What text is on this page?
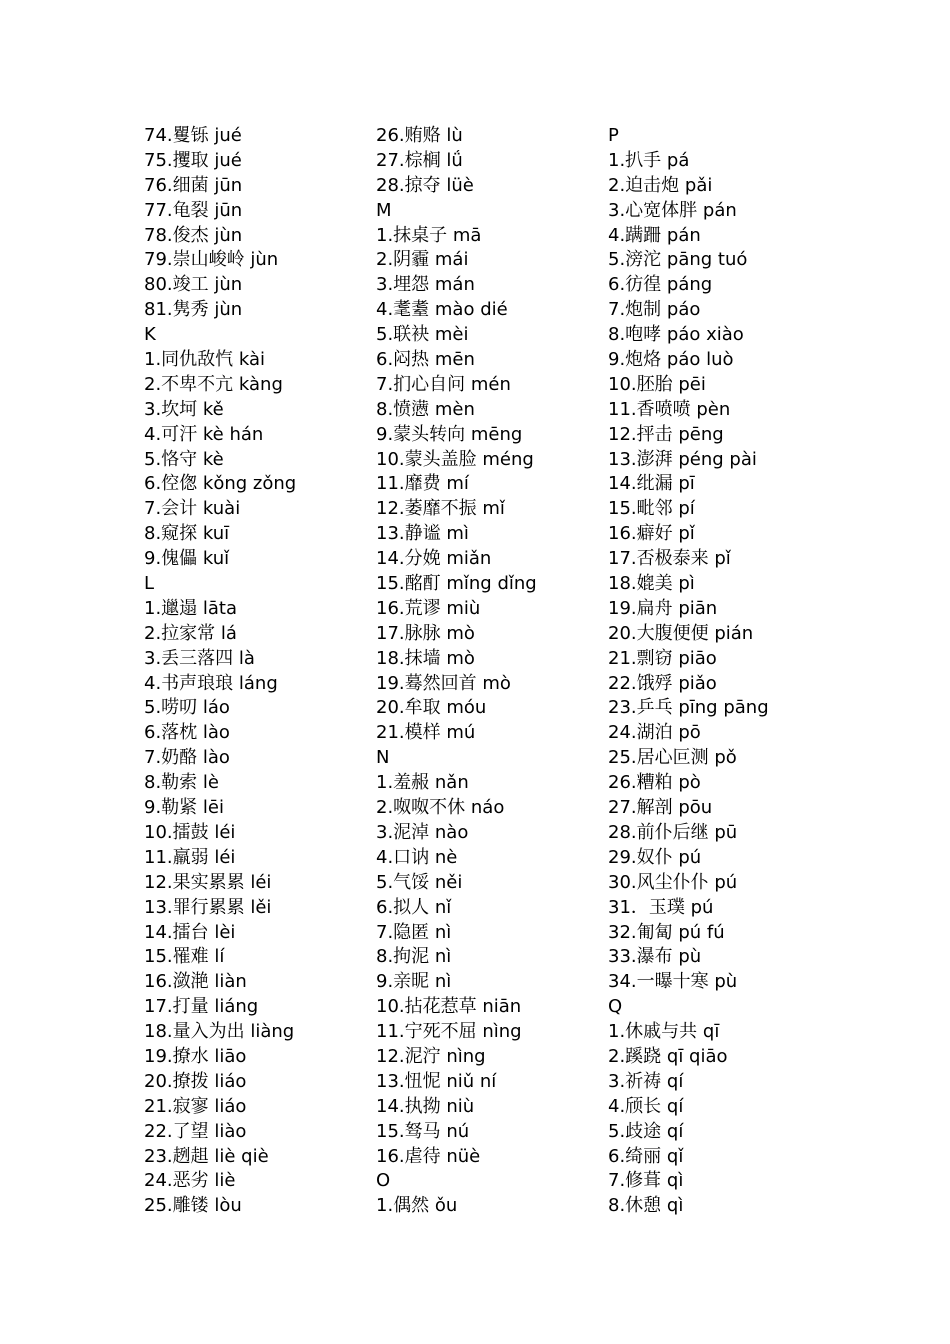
74.矍铄 jué
75.攫取 jué
76.细菌 jūn
77.龟裂 jūn
78.俊杰 jùn
79.崇山峻岭 jùn
80.竣工 jùn
81.隽秀 jùn
K
1.同仇敌忾 kài
2.不卑不亢 kàng
3.坎坷 kě
4.可汗 kè hán
5.恪守 kè
6.倥偬 kǒng zǒng
7.会计 kuài
8.窥探 kuī
9.傀儡 kuǐ
L
1.邋遢 lāta
2.拉家常 lá
3.丢三落四 là
4.书声琅琅 láng
5.唠叨 láo
6.落枕 lào
7.奶酪 lào
8.勒索 lè
9.勒紧 lēi
10.擂鼓 léi
11.羸弱 léi
12.果实累累 léi
13.罪行累累 lěi
14.擂台 lèi
15.罹难 lí
16.潋滟 liàn
17.打量 liáng
18.量入为出 liàng
19.撩水 liāo
20.撩拨 liáo
21.寂寥 liáo
22.了望 liào
23.趔趄 liè qiè
24.恶劣 liè
25.雕镂 lòu
26.贿赂 lù
27.棕榈 lǘ
28.掠夺 lüè
M
1.抹桌子 mā
2.阴霾 mái
3.埋怨 mán
4.耄耋 mào dié
5.联袂 mèi
6.闷热 mēn
7.扪心自问 mén
8.愤懑 mèn
9.蒙头转向 mēng
10.蒙头盖脸 méng
11.靡费 mí
12.萎靡不振 mǐ
13.静谧 mì
14.分娩 miǎn
15.酩酊 mǐng dǐng
16.荒谬 miù
17.脉脉 mò
18.抹墙 mò
19.蓦然回首 mò
20.牟取 móu
21.模样 mú
N
1.羞赧 nǎn
2.呶呶不休 náo
3.泥淖 nào
4.口讷 nè
5.气馁 něi
6.拟人 nǐ
7.隐匿 nì
8.拘泥 nì
9.亲昵 nì
10.拈花惹草 niān
11.宁死不屈 nìng
12.泥泞 nìng
13.忸怩 niǔ ní
14.执拗 niù
15.驽马 nú
16.虐待 nüè
O
1.偶然 ǒu
P
1.扒手 pá
2.迫击炮 pǎi
3.心宽体胖 pán
4.蹒跚 pán
5.滂沱 pāng tuó
6.彷徨 páng
7.炮制 páo
8.咆哮 páo xiào
9.炮烙 páo luò
10.胚胎 pēi
11.香喷喷 pèn
12.抨击 pēng
13.澎湃 péng pài
14.纰漏 pī
15.毗邻 pí
16.癖好 pǐ
17.否极泰来 pǐ
18.媲美 pì
19.扁舟 piān
20.大腹便便 pián
21.剽窃 piāo
22.饿殍 piǎo
23.乒乓 pīng pāng
24.湖泊 pō
25.居心叵测 pǒ
26.糟粕 pò
27.解剖 pōu
28.前仆后继 pū
29.奴仆 pú
30.风尘仆仆 pú
31．玉璞 pú
32.匍匐 pú fú
33.瀑布 pù
34.一曝十寒 pù
Q
1.休戚与共 qī
2.蹊跷 qī qiāo
3.祈祷 qí
4.颀长 qí
5.歧途 qí
6.绮丽 qǐ
7.修葺 qì
8.休憩 qì
